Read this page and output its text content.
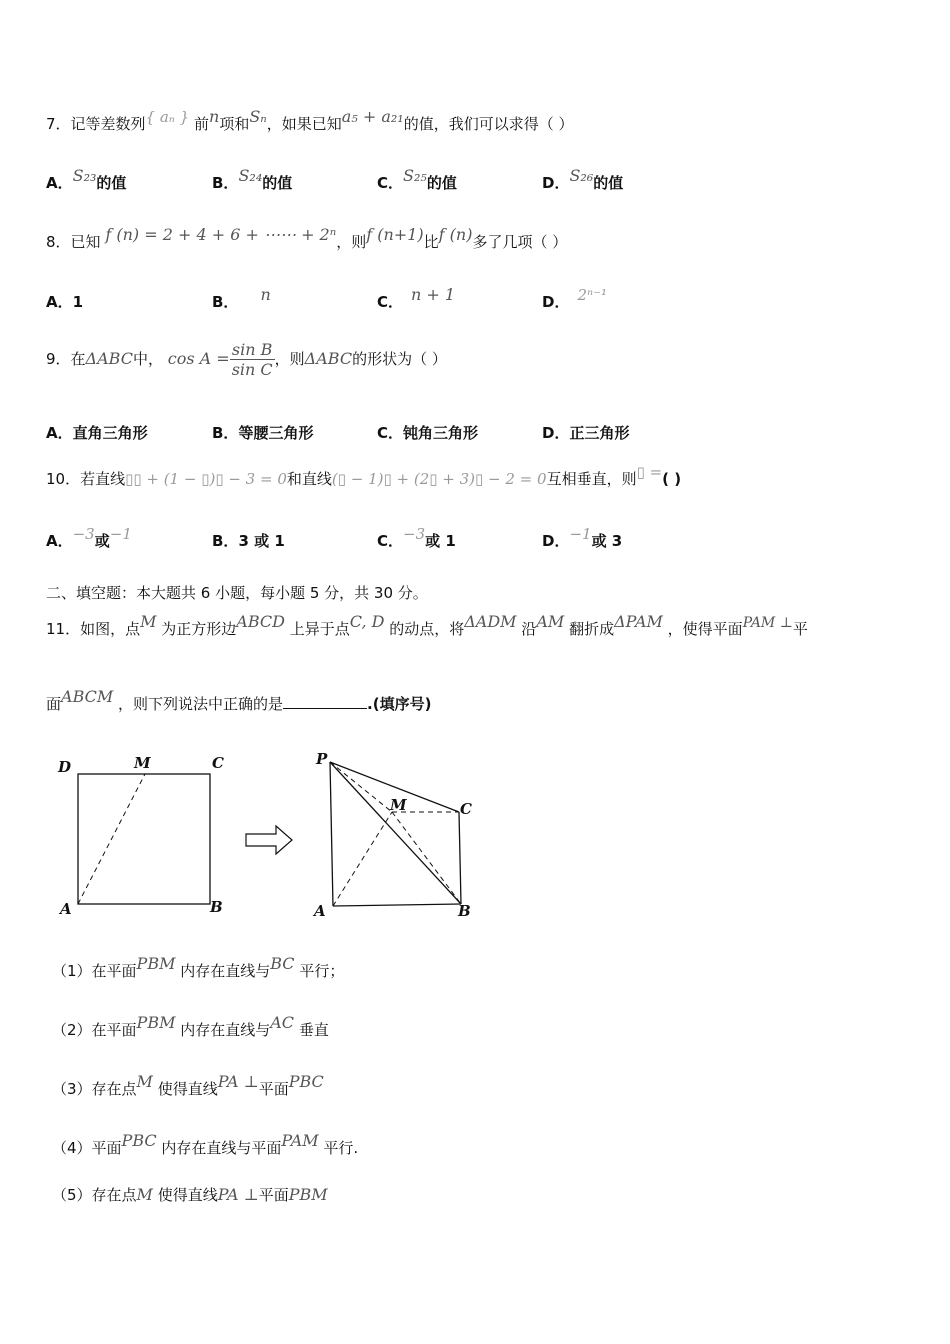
7．记等差数列{ aₙ } 前n项和Sₙ，如果已知a₅ + a₂₁的值，我们可以求得（ ）
A．S₂₃的值	B．S₂₄的值	C．S₂₅的值	D．S₂₆的值
8．已知 f (n) = 2 + 4 + 6 + ⋯⋯ + 2ⁿ，则f (n+1)比f (n)多了几项（ ）
A．1	B． n	C． n + 1	D． 2ⁿ⁻¹
9．在ΔABC中， $\cos A = \frac{\text{sin B}}{\text{sin C}}$ ，则ΔABC的形状为（ ）
A．直角三角形	B．等腰三角形	C．钝角三角形	D．正三角形
10．若直线▯▯ + (1 − ▯)▯ − 3 = 0和直线(▯ − 1)▯ + (2▯ + 3)▯ − 2 = 0互相垂直，则▯ =( )
A．−3或−1	B．3 或 1	C．−3或 1	D．−1或 3
二、填空题：本大题共 6 小题，每小题 5 分，共 30 分。
11．如图，点M 为正方形边ABCD 上异于点C, D 的动点，将ΔADM 沿AM 翻折成ΔPAM ，使得平面PAM ⊥平
面ABCM ，则下列说法中正确的是	.(填序号)
D	M	C
A	B
P
M	C
A	B
（1）在平面PBM 内存在直线与BC 平行；
（2）在平面PBM 内存在直线与AC 垂直
（3）存在点M 使得直线PA ⊥平面PBC
（4）平面PBC 内存在直线与平面PAM 平行.
（5）存在点M 使得直线PA ⊥平面PBM
